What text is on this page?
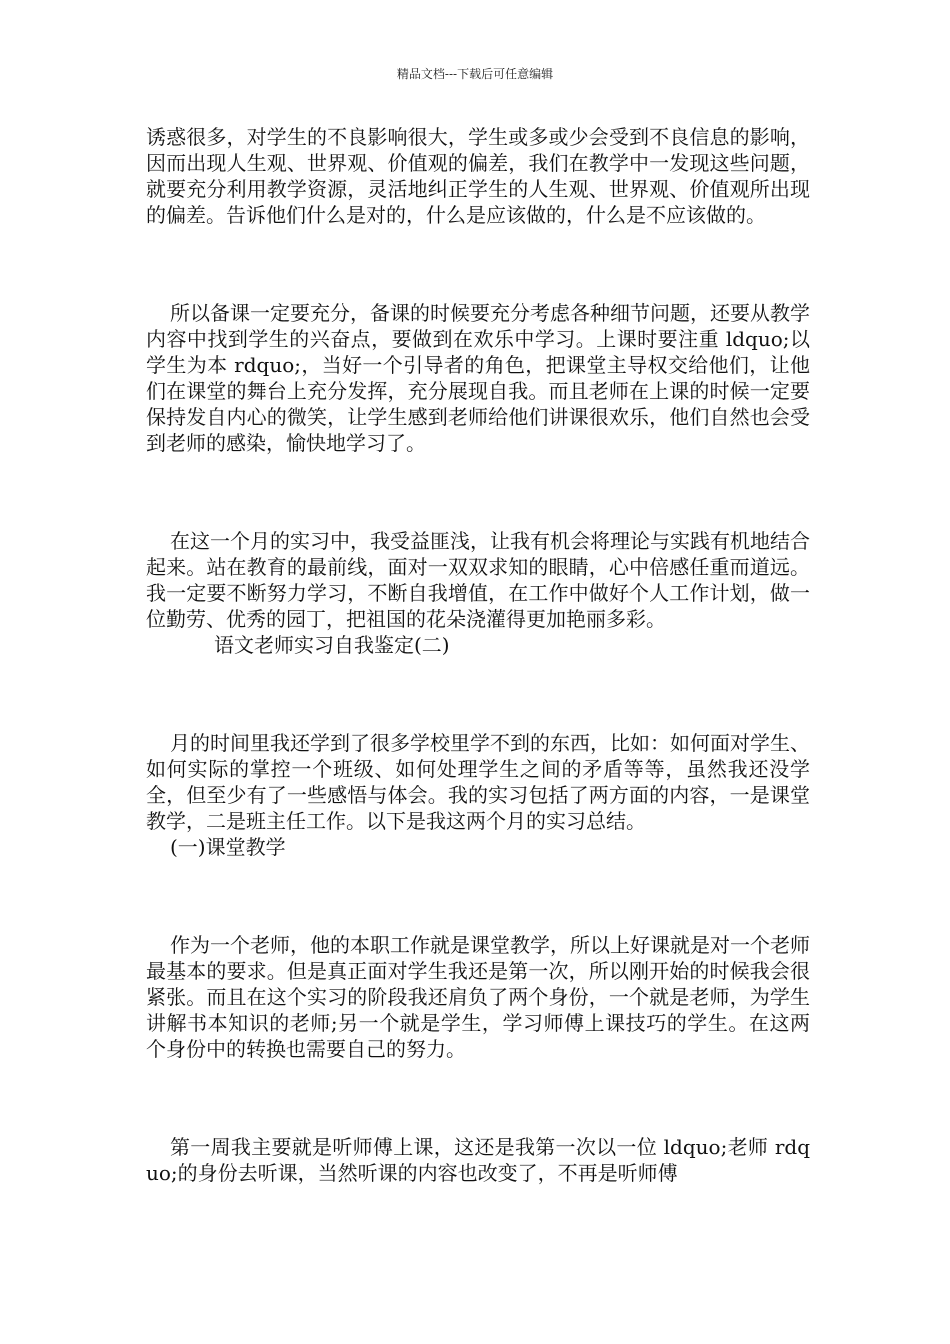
精品文档---下载后可任意编辑

诱惑很多，对学生的不良影响很大，学生或多或少会受到不良信息的影响，因而出现人生观、世界观、价值观的偏差，我们在教学中一发现这些问题，就要充分利用教学资源，灵活地纠正学生的人生观、世界观、价值观所出现的偏差。告诉他们什么是对的，什么是应该做的，什么是不应该做的。

所以备课一定要充分，备课的时候要充分考虑各种细节问题，还要从教学内容中找到学生的兴奋点，要做到在欢乐中学习。上课时要注重 ldquo;以学生为本 rdquo;，当好一个引导者的角色，把课堂主导权交给他们，让他们在课堂的舞台上充分发挥，充分展现自我。而且老师在上课的时候一定要保持发自内心的微笑，让学生感到老师给他们讲课很欢乐，他们自然也会受到老师的感染，愉快地学习了。

在这一个月的实习中，我受益匪浅，让我有机会将理论与实践有机地结合起来。站在教育的最前线，面对一双双求知的眼睛，心中倍感任重而道远。我一定要不断努力学习，不断自我增值，在工作中做好个人工作计划，做一位勤劳、优秀的园丁，把祖国的花朵浇灌得更加艳丽多彩。

语文老师实习自我鉴定(二)

月的时间里我还学到了很多学校里学不到的东西，比如：如何面对学生、如何实际的掌控一个班级、如何处理学生之间的矛盾等等，虽然我还没学全，但至少有了一些感悟与体会。我的实习包括了两方面的内容，一是课堂教学，二是班主任工作。以下是我这两个月的实习总结。

(一)课堂教学

作为一个老师，他的本职工作就是课堂教学，所以上好课就是对一个老师最基本的要求。但是真正面对学生我还是第一次，所以刚开始的时候我会很紧张。而且在这个实习的阶段我还肩负了两个身份，一个就是老师，为学生讲解书本知识的老师;另一个就是学生，学习师傅上课技巧的学生。在这两个身份中的转换也需要自己的努力。

第一周我主要就是听师傅上课，这还是我第一次以一位 ldquo;老师 rdquo;的身份去听课，当然听课的内容也改变了，不再是听师傅
